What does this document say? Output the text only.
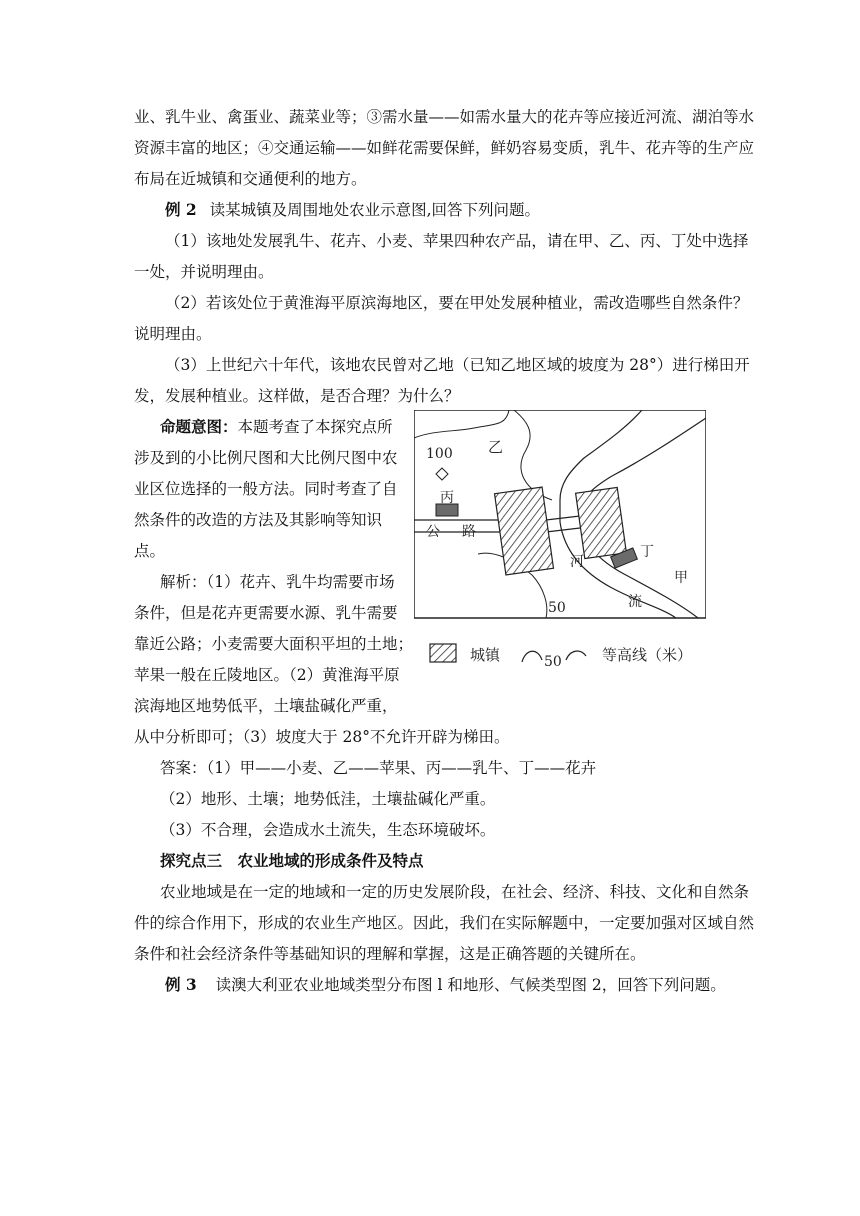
业、乳牛业、禽蛋业、蔬菜业等；③需水量——如需水量大的花卉等应接近河流、湖泊等水
资源丰富的地区；④交通运输——如鲜花需要保鲜，鲜奶容易变质，乳牛、花卉等的生产应
布局在近城镇和交通便利的地方。
例 2 读某城镇及周围地处农业示意图,回答下列问题。
（1）该地处发展乳牛、花卉、小麦、苹果四种农产品，请在甲、乙、丙、丁处中选择
一处，并说明理由。
（2）若该处位于黄淮海平原滨海地区，要在甲处发展种植业，需改造哪些自然条件？
说明理由。
（3）上世纪六十年代，该地农民曾对乙地（已知乙地区域的坡度为 28°）进行梯田开
发，发展种植业。这样做，是否合理？为什么？
命题意图：本题考查了本探究点所
涉及到的小比例尺图和大比例尺图中农
业区位选择的一般方法。同时考查了自
然条件的改造的方法及其影响等知识
点。
解析：（1）花卉、乳牛均需要市场
条件，但是花卉更需要水源、乳牛需要
靠近公路；小麦需要大面积平坦的土地；
苹果一般在丘陵地区。（2）黄淮海平原
滨海地区地势低平，土壤盐碱化严重，
从中分析即可；（3）坡度大于 28°不允许开辟为梯田。
答案：（1）甲——小麦、乙——苹果、丙——乳牛、丁——花卉
（2）地形、土壤；地势低洼，土壤盐碱化严重。
（3）不合理，会造成水土流失，生态环境破坏。
探究点三　农业地域的形成条件及特点
农业地域是在一定的地域和一定的历史发展阶段，在社会、经济、科技、文化和自然条
件的综合作用下，形成的农业生产地区。因此，我们在实际解题中，一定要加强对区域自然
条件和社会经济条件等基础知识的理解和掌握，这是正确答题的关键所在。
例 3 读澳大利亚农业地域类型分布图 l 和地形、气候类型图 2，回答下列问题。
100 乙
丙
公 路
河
流
丁
甲
50
城镇	50	等高线（米）
